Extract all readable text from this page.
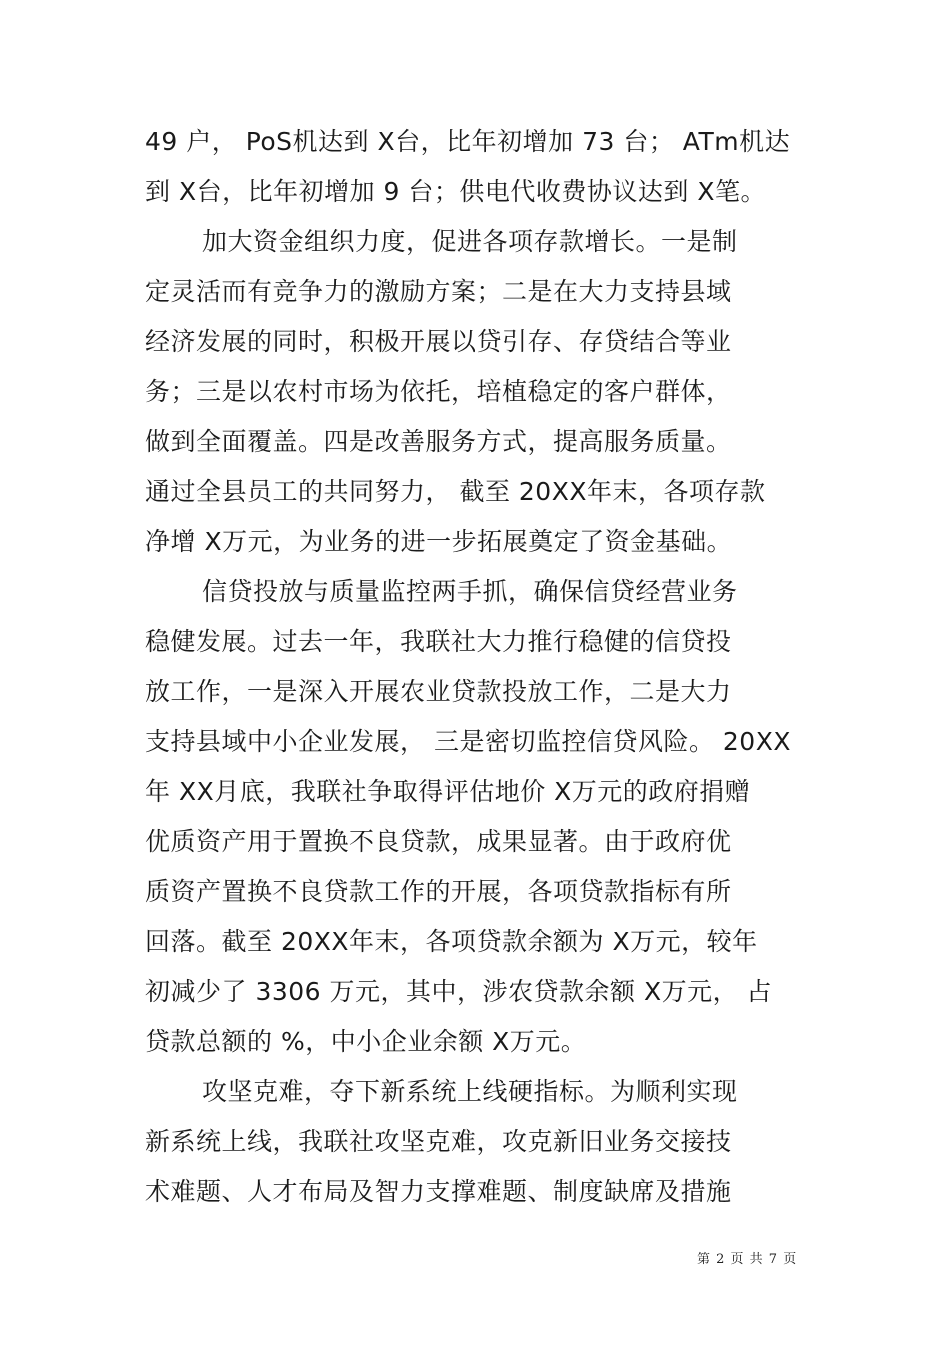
49 户， PoS机达到 X台，比年初增加 73 台； ATm机达
到 X台，比年初增加 9 台；供电代收费协议达到 X笔。
加大资金组织力度，促进各项存款增长。一是制
定灵活而有竞争力的激励方案；二是在大力支持县域
经济发展的同时，积极开展以贷引存、存贷结合等业
务；三是以农村市场为依托，培植稳定的客户群体，
做到全面覆盖。四是改善服务方式，提高服务质量。
通过全县员工的共同努力， 截至 20XX年末，各项存款
净增 X万元，为业务的进一步拓展奠定了资金基础。
信贷投放与质量监控两手抓，确保信贷经营业务
稳健发展。过去一年，我联社大力推行稳健的信贷投
放工作，一是深入开展农业贷款投放工作，二是大力
支持县域中小企业发展， 三是密切监控信贷风险。 20XX
年 XX月底，我联社争取得评估地价 X万元的政府捐赠
优质资产用于置换不良贷款，成果显著。由于政府优
质资产置换不良贷款工作的开展，各项贷款指标有所
回落。截至 20XX年末，各项贷款余额为 X万元，较年
初减少了 3306 万元，其中，涉农贷款余额 X万元， 占
贷款总额的 %，中小企业余额 X万元。
攻坚克难，夺下新系统上线硬指标。为顺利实现
新系统上线，我联社攻坚克难，攻克新旧业务交接技
术难题、人才布局及智力支撑难题、制度缺席及措施
第 2 页 共 7 页
